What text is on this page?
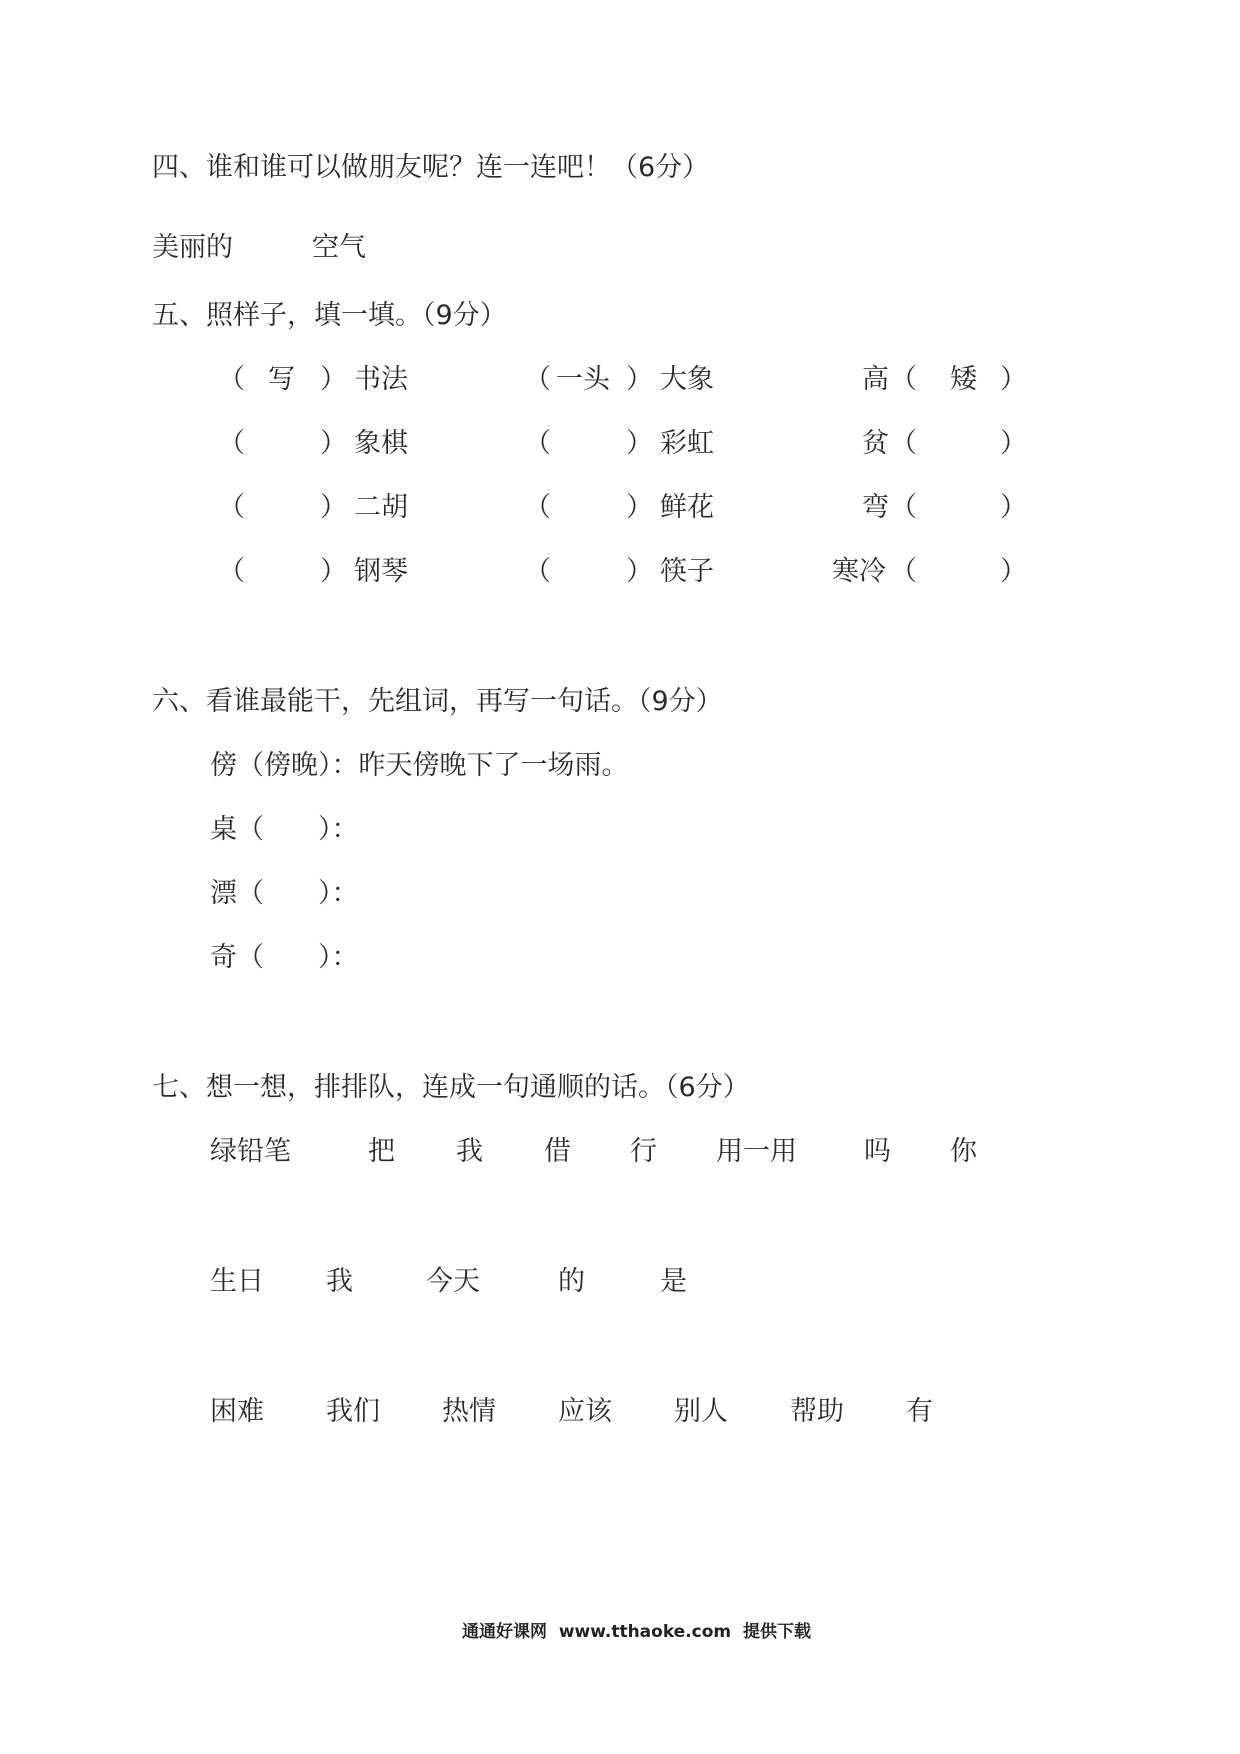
四、谁和谁可以做朋友呢？连一连吧！（6分）
美丽的	空气
五、照样子，填一填。（9分）
（ 写 ） 书法	（ 一头 ） 大象	高 （ 矮 ）
（	） 象棋	（	） 彩虹	贫 （	）
（	） 二胡	（	） 鲜花	弯 （	）
（	） 钢琴	（	） 筷子	寒冷 （	）
六、看谁最能干，先组词，再写一句话。（9分）
傍（傍晚）：昨天傍晚下了一场雨。
桌（　　）：
漂（　　）：
奇（　　）：
七、想一想，排排队，连成一句通顺的话。（6分）
绿铅笔	把 我 借 行 用一用 吗 你
生日 我	今天	的	是
困难 我们 热情 应该 别人 帮助 有
通通好课网  www.tthaoke.com  提供下载
